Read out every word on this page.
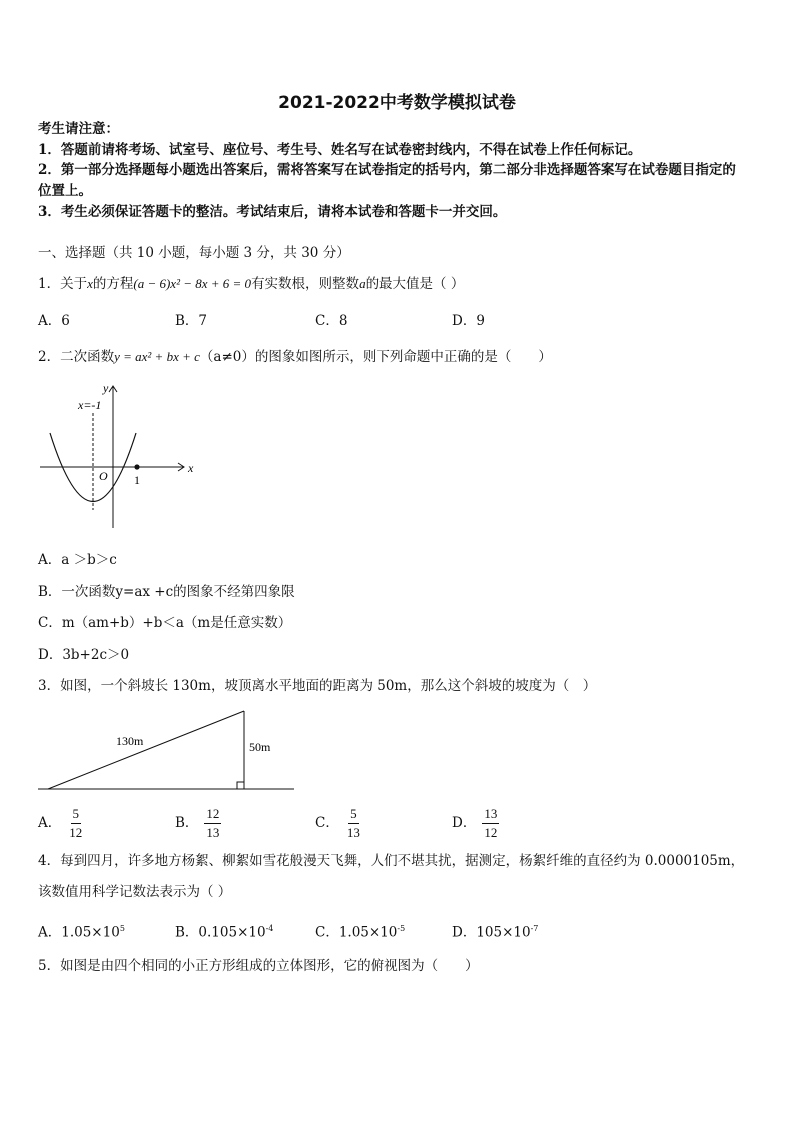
2021-2022中考数学模拟试卷
考生请注意：
1．答题前请将考场、试室号、座位号、考生号、姓名写在试卷密封线内，不得在试卷上作任何标记。
2．第一部分选择题每小题选出答案后，需将答案写在试卷指定的括号内，第二部分非选择题答案写在试卷题目指定的
位置上。
3．考生必须保证答题卡的整洁。考试结束后，请将本试卷和答题卡一并交回。
一、选择题（共 10 小题，每小题 3 分，共 30 分）
1．关于x的方程(a − 6)x² − 8x + 6 = 0有实数根，则整数a的最大值是（ ）
A．6	B．7	C．8	D．9
2．二次函数y = ax² + bx + c（a≠0）的图象如图所示，则下列命题中正确的是（　　）
y
x
O 1
x=-1
A．a ＞b＞c
B．一次函数y=ax +c的图象不经第四象限
C．m（am+b）+b＜a（m是任意实数）
D．3b+2c＞0
3．如图，一个斜坡长 130m，坡顶离水平地面的距离为 50m，那么这个斜坡的坡度为（　）
130m	50m
A． $\frac{5}{12}$	B． $\frac{12}{13}$	C． $\frac{5}{13}$	D． $\frac{13}{12}$
4．每到四月，许多地方杨絮、柳絮如雪花般漫天飞舞，人们不堪其扰，据测定，杨絮纤维的直径约为 0.0000105m，
该数值用科学记数法表示为（ ）
A．$1.05\times 10^5$	B．$0.105\times 10^{-4}$	C．$1.05\times 10^{-5}$	D．$105\times 10^{-7}$
5．如图是由四个相同的小正方形组成的立体图形，它的俯视图为（　　）
